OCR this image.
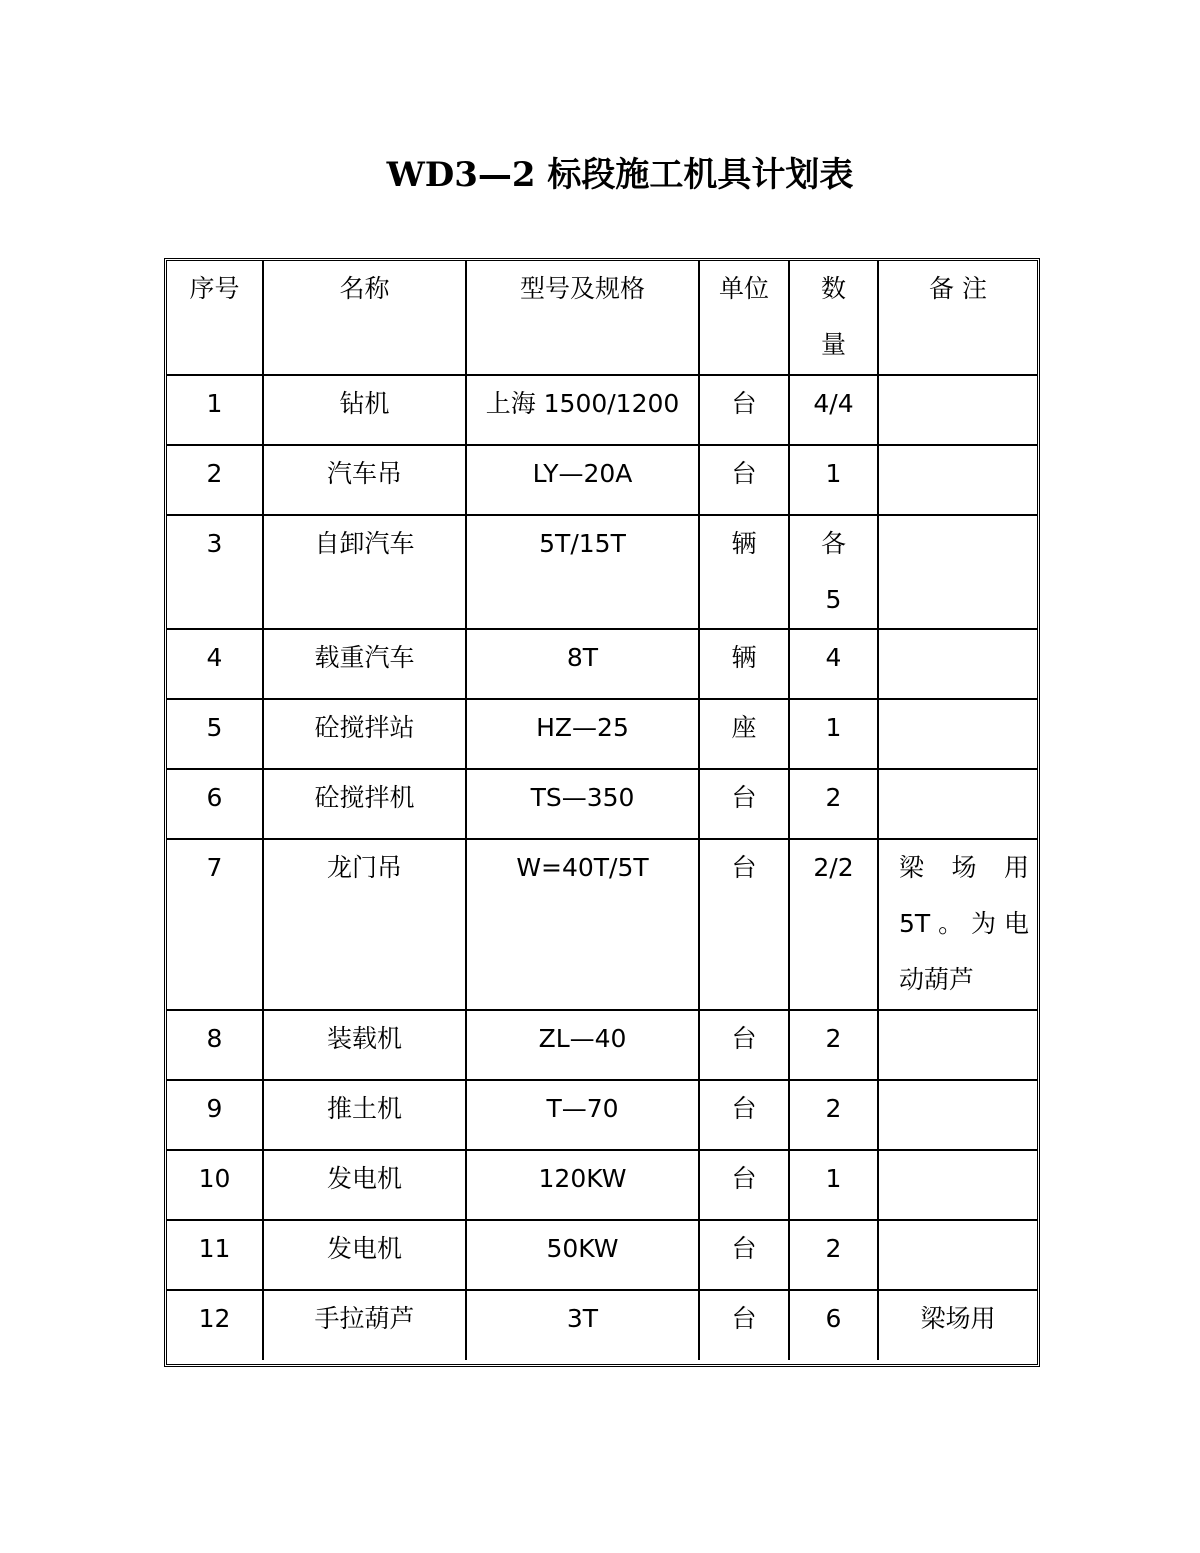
WD3—2 标段施工机具计划表
序号	名称	型号及规格	单位	数量	备 注
1	钻机	上海 1500/1200	台	4/4	
2	汽车吊	LY—20A	台	1	
3	自卸汽车	5T/15T	辆	各5	

4	载重汽车	8T	辆	4	
5	砼搅拌站	HZ—25	座	1	
6	砼搅拌机	TS—350	台	2	
7	龙门吊	W=40T/5T	台	2/2	梁场用5T。为电动葫芦
8	装载机	ZL—40	台	2	
9	推土机	T—70	台	2	
10	发电机	120KW	台	1	
11	发电机	50KW	台	2	
12	手拉葫芦	3T	台	6	梁场用
